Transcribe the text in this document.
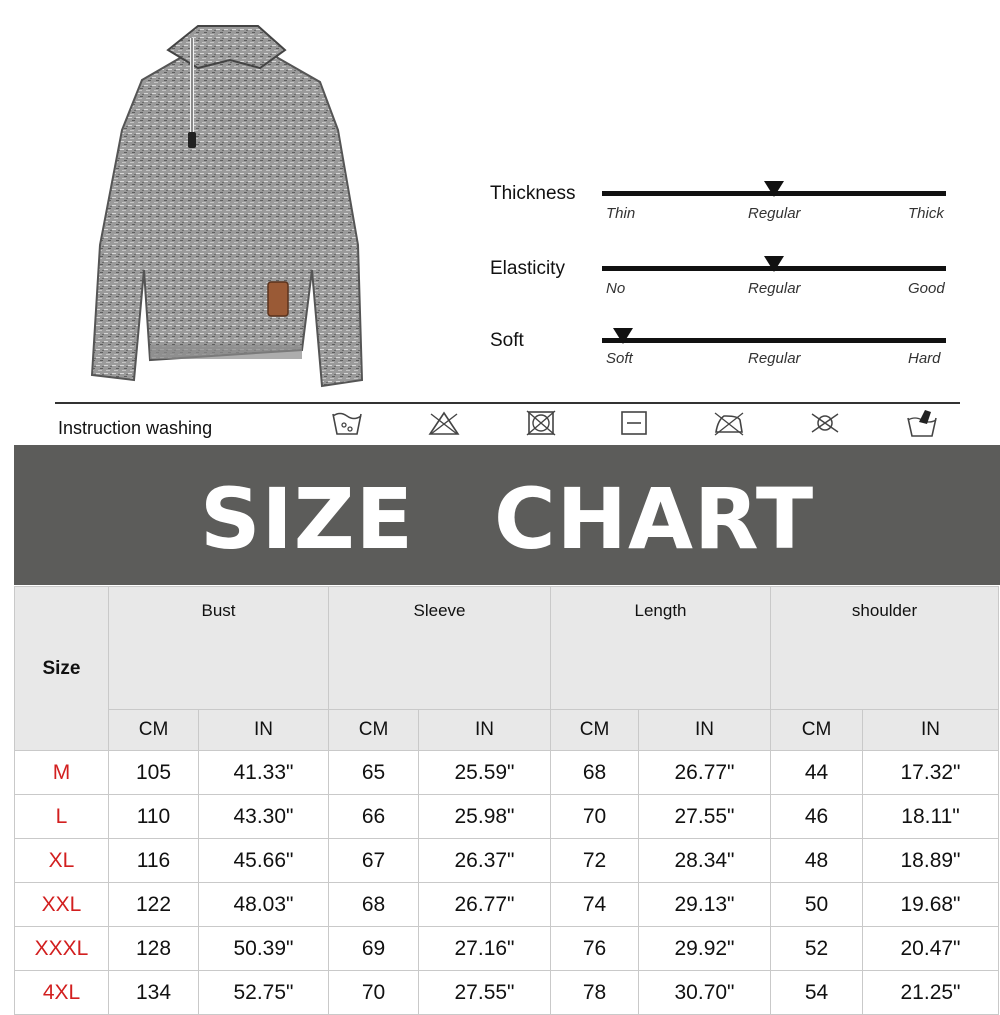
Thickness
Thin	Regular	Thick
Elasticity
No	Regular	Good
Soft
Soft	Regular	Hard
Instruction washing
SIZE CHART
Size	Bust		Sleeve		Length		shoulder	
	CM	IN	CM	IN	CM	IN	CM	IN
M	105	41.33"	65	25.59"	68	26.77"	44	17.32"
L	110	43.30"	66	25.98"	70	27.55"	46	18.11"
XL	116	45.66"	67	26.37"	72	28.34"	48	18.89"
XXL	122	48.03"	68	26.77"	74	29.13"	50	19.68"
XXXL	128	50.39"	69	27.16"	76	29.92"	52	20.47"
4XL	134	52.75"	70	27.55"	78	30.70"	54	21.25"
